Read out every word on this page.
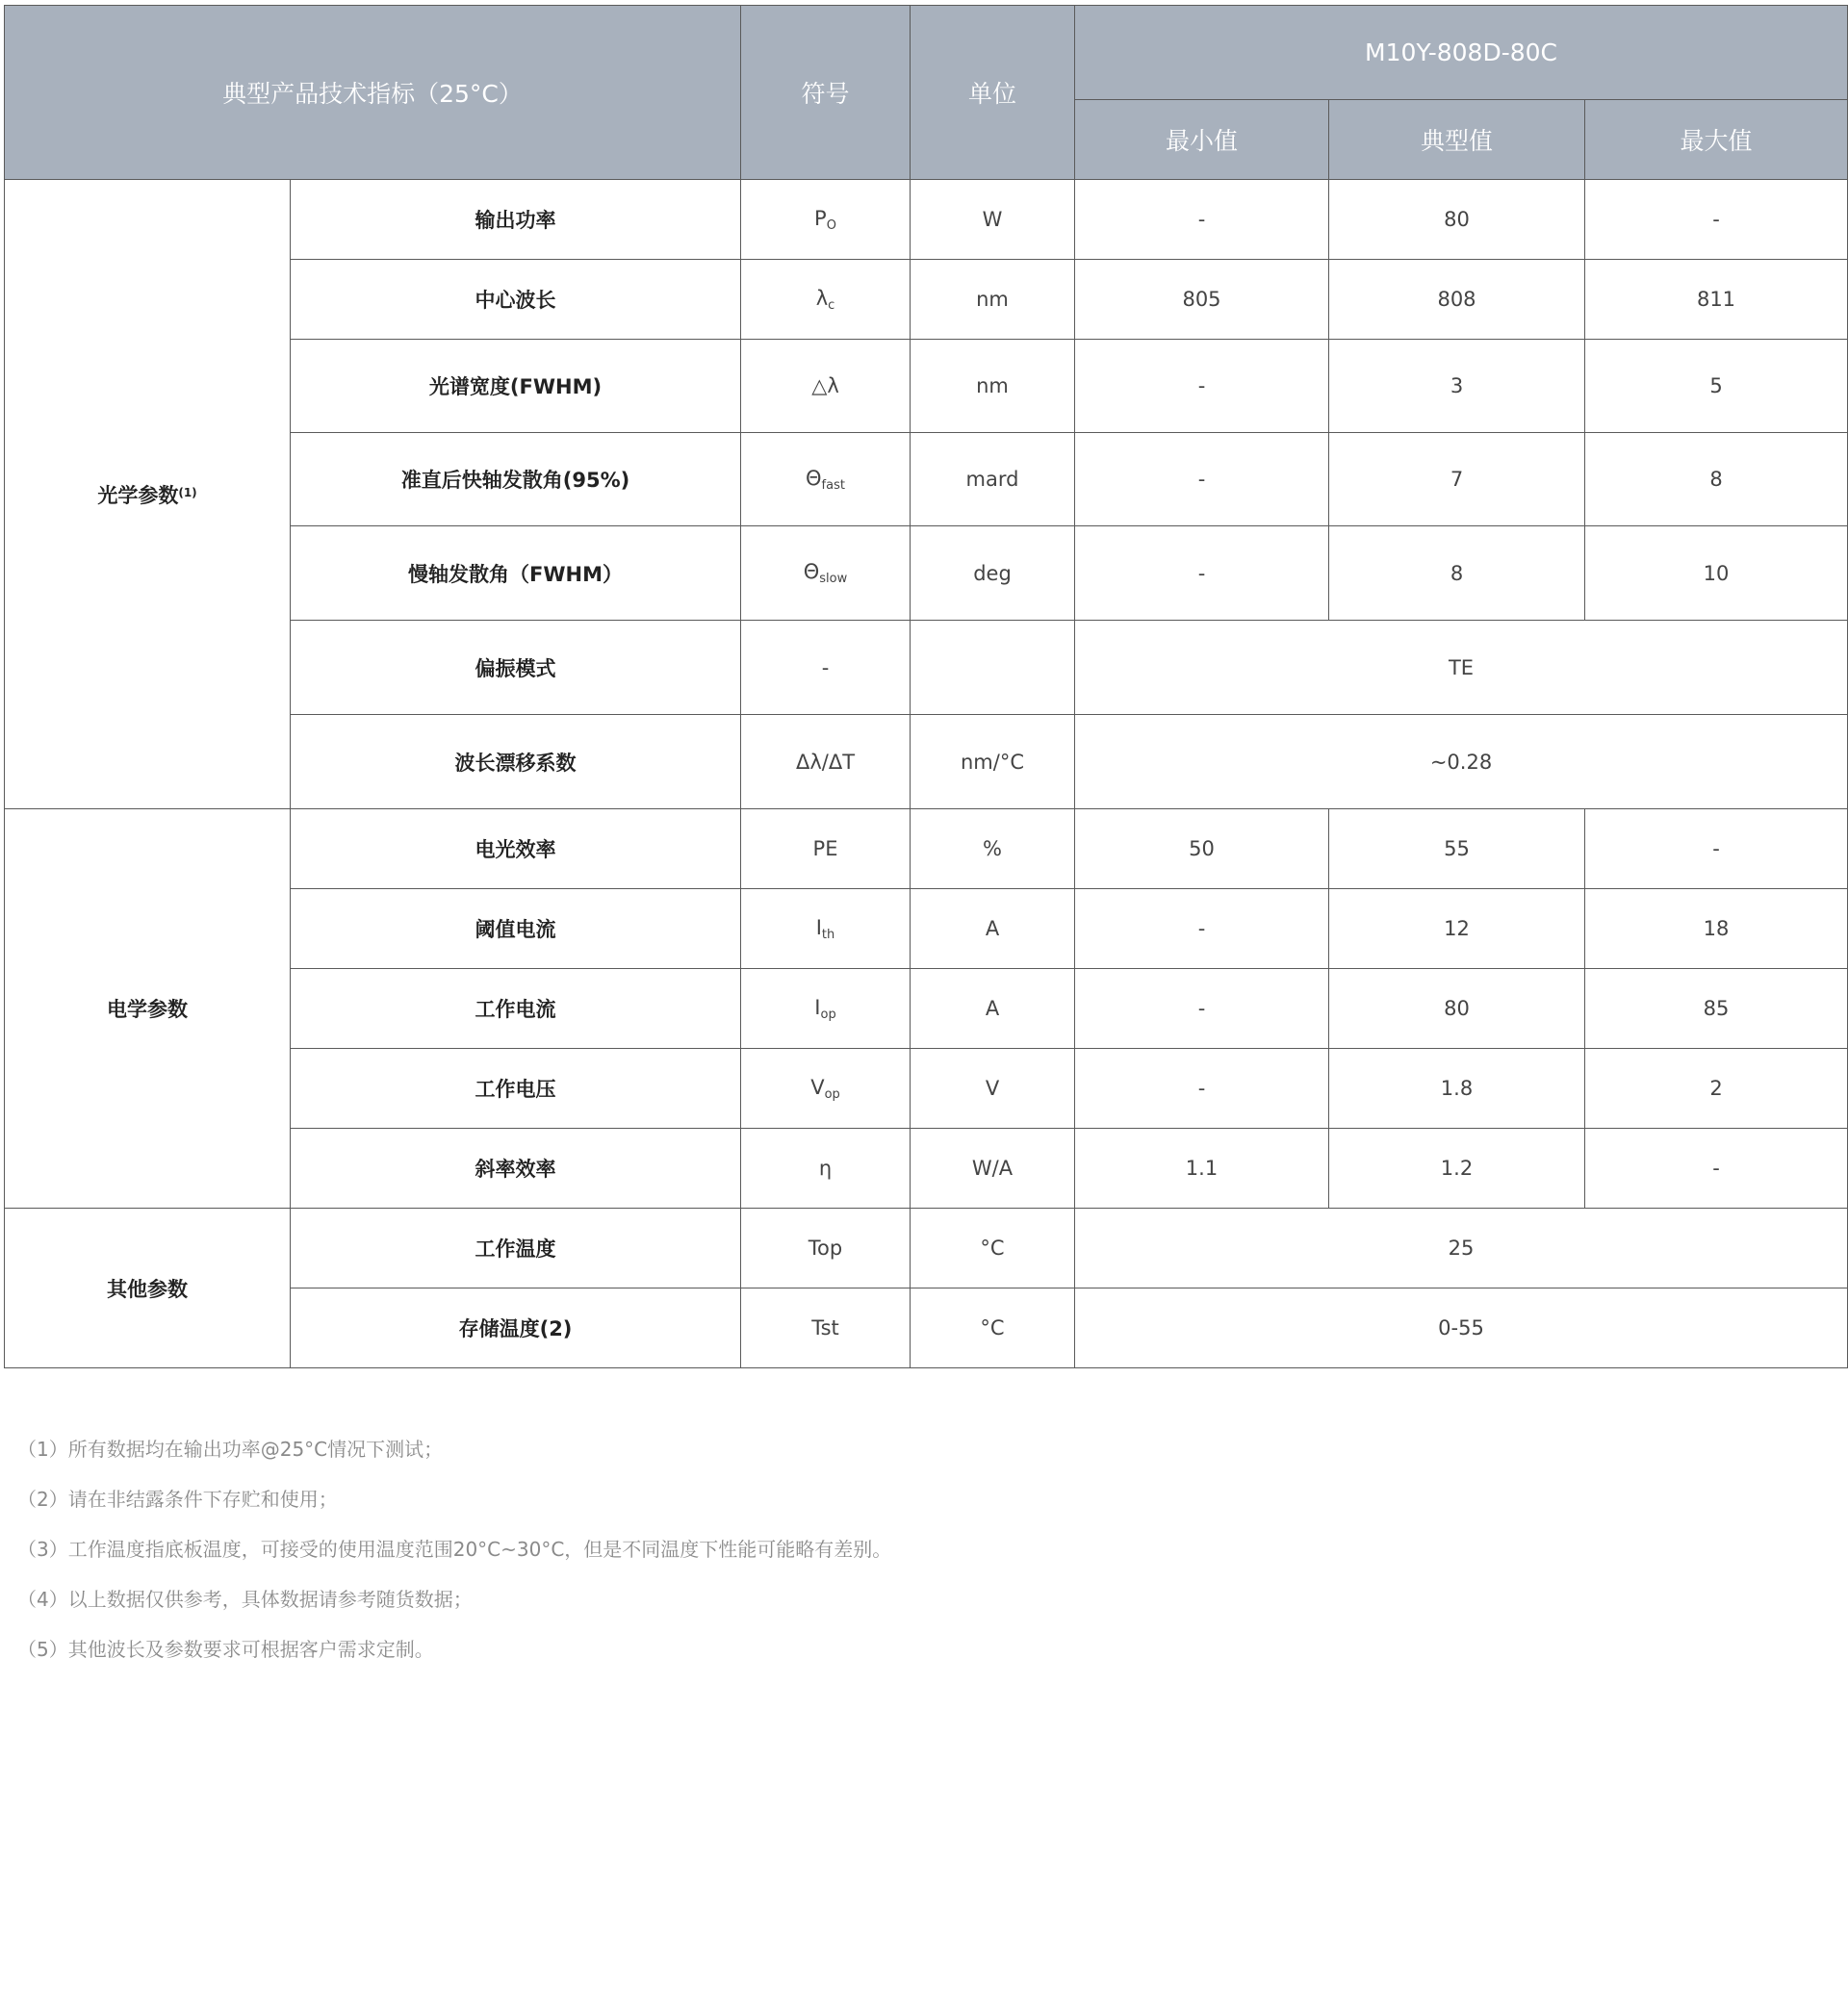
典型产品技术指标（25°C）		符号	单位	M10Y-808D-80C		
				最小值	典型值	最大值
光学参数$^{(1)}$	输出功率	$P_O$	W	-	80	-
	中心波长	$\lambda_c$	nm	805	808	811
	光谱宽度(FWHM)	△λ	nm	-	3	5
	准直后快轴发散角(95%)	$\Theta_{fast}$	mard	-	7	8
	慢轴发散角（FWHM）	$\Theta_{slow}$	deg	-	8	10
	偏振模式	-		TE		
	波长漂移系数	Δλ/ΔT	nm/°C	~0.28		
电学参数	电光效率	PE	%	50	55	-
	阈值电流	$I_{th}$	A	-	12	18
	工作电流	$I_{op}$	A	-	80	85
	工作电压	$V_{op}$	V	-	1.8	2
	斜率效率	η	W/A	1.1	1.2	-
其他参数	工作温度	Top	°C	25		
	存储温度(2)	Tst	°C	0-55		
（1）所有数据均在输出功率@25°C情况下测试；
（2）请在非结露条件下存贮和使用；
（3）工作温度指底板温度，可接受的使用温度范围20°C~30°C，但是不同温度下性能可能略有差别。
（4）以上数据仅供参考，具体数据请参考随货数据；
（5）其他波长及参数要求可根据客户需求定制。
